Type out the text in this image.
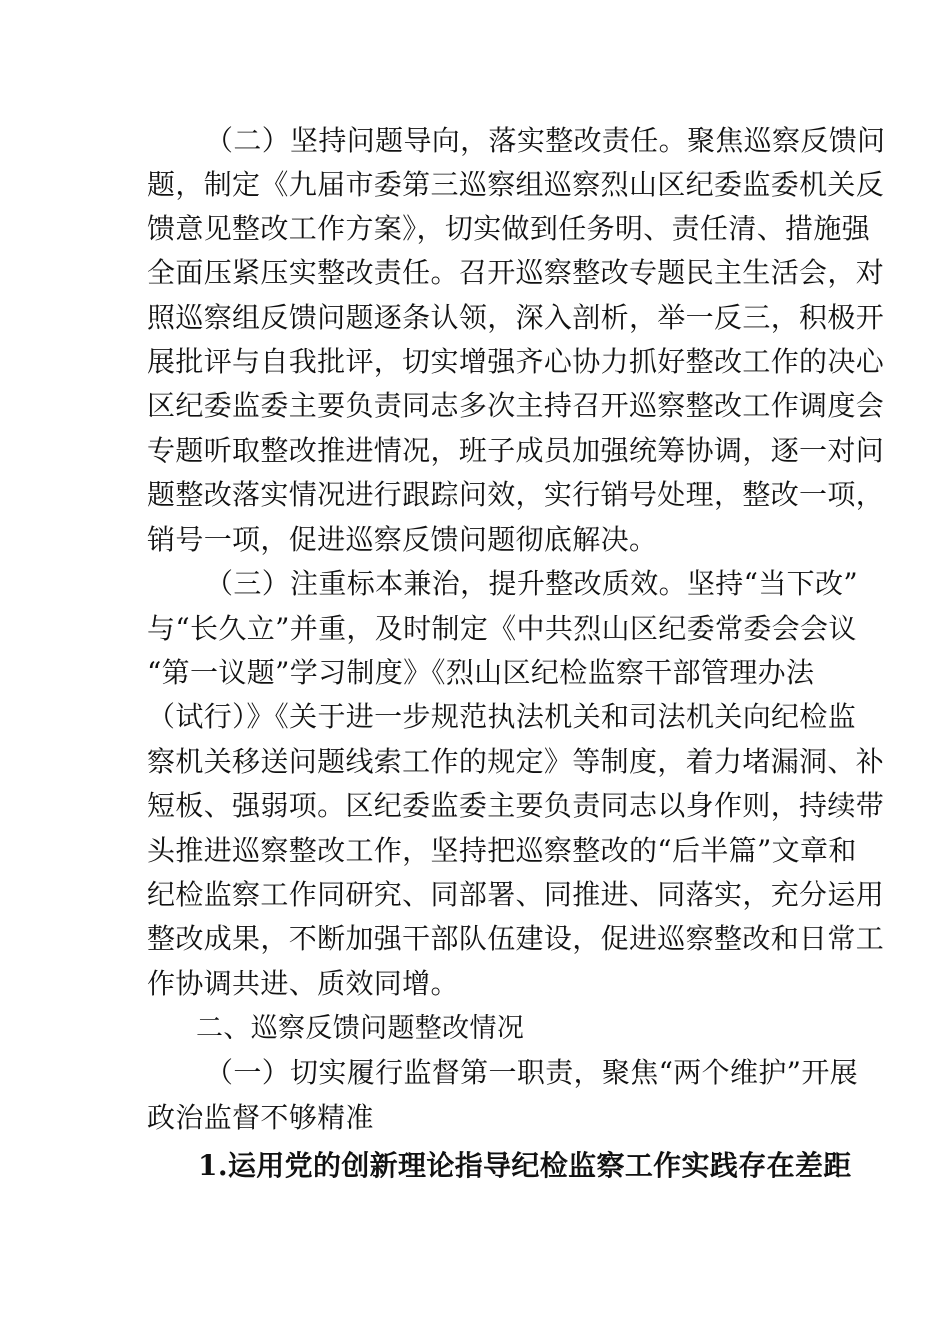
（二）坚持问题导向，落实整改责任。聚焦巡察反馈问
题，制定《九届市委第三巡察组巡察烈山区纪委监委机关反
馈意见整改工作方案》，切实做到任务明、责任清、措施强
全面压紧压实整改责任。召开巡察整改专题民主生活会，对
照巡察组反馈问题逐条认领，深入剖析，举一反三，积极开
展批评与自我批评，切实增强齐心协力抓好整改工作的决心
区纪委监委主要负责同志多次主持召开巡察整改工作调度会
专题听取整改推进情况，班子成员加强统筹协调，逐一对问
题整改落实情况进行跟踪问效，实行销号处理，整改一项，
销号一项，促进巡察反馈问题彻底解决。
（三）注重标本兼治，提升整改质效。坚持“当下改”
与“长久立”并重，及时制定《中共烈山区纪委常委会会议
“第一议题”学习制度》《烈山区纪检监察干部管理办法
（试行）》《关于进一步规范执法机关和司法机关向纪检监
察机关移送问题线索工作的规定》等制度，着力堵漏洞、补
短板、强弱项。区纪委监委主要负责同志以身作则，持续带
头推进巡察整改工作，坚持把巡察整改的“后半篇”文章和
纪检监察工作同研究、同部署、同推进、同落实，充分运用
整改成果，不断加强干部队伍建设，促进巡察整改和日常工
作协调共进、质效同增。
二、巡察反馈问题整改情况
（一）切实履行监督第一职责，聚焦“两个维护”开展
政治监督不够精准
1.运用党的创新理论指导纪检监察工作实践存在差距
